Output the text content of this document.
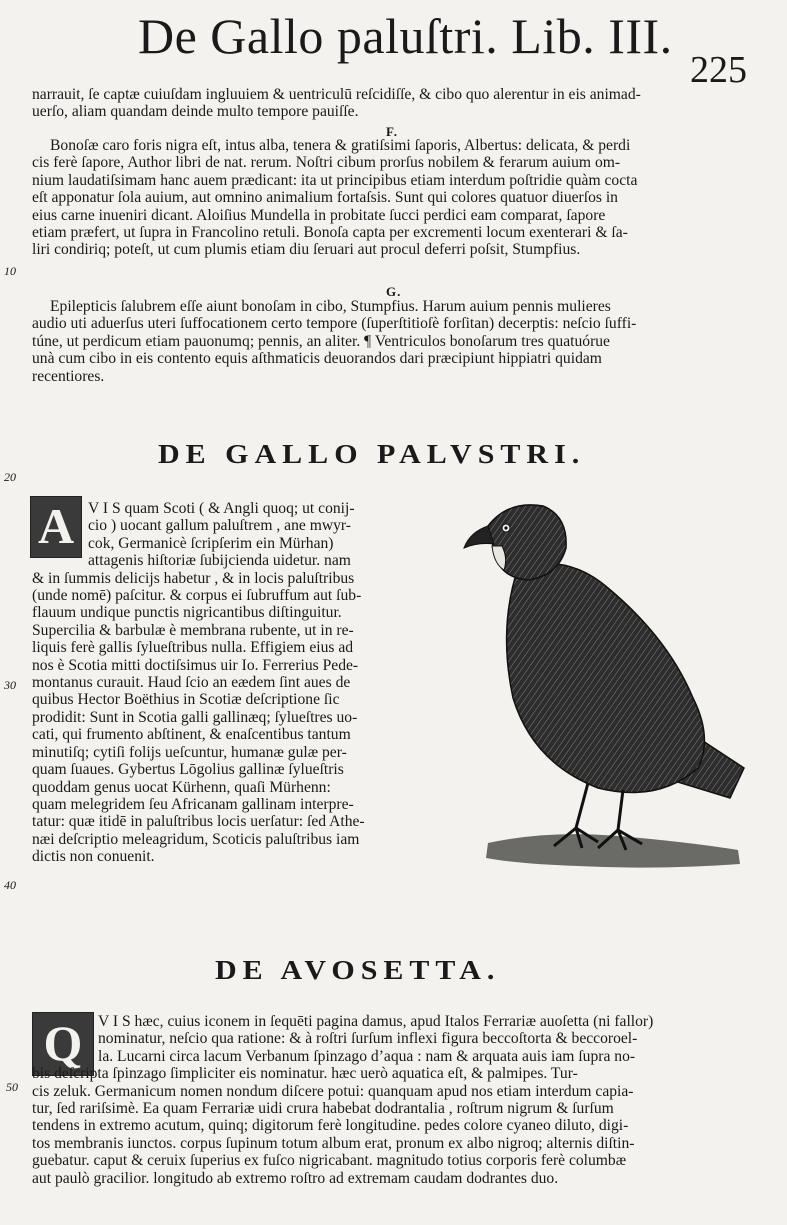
De Gallo paluſtri. Lib. III.
225
narrauit, ſe captæ cuiuſdam ingluuiem & uentriculū reſcidiſſe, & cibo quo alerentur in eis animad-
uerſo, aliam quandam deinde multo tempore pauiſſe.
F.
Bonoſæ caro foris nigra eſt, intus alba, tenera & gratiſsimi ſaporis, Albertus: delicata, & perdi
cis ferè ſapore, Author libri de nat. rerum. Noſtri cibum prorſus nobilem & ferarum auium om-
nium laudatiſsimam hanc auem prædicant: ita ut principibus etiam interdum poſtridie quàm cocta
eſt apponatur ſola auium, aut omnino animalium fortaſsis. Sunt qui colores quatuor diuerſos in
eius carne inueniri dicant. Aloiſius Mundella in probitate ſucci perdici eam comparat, ſapore
etiam præfert, ut ſupra in Francolino retuli. Bonoſa capta per excrementi locum exenterari & ſa-
liri condiriq; poteſt, ut cum plumis etiam diu ſeruari aut procul deferri poſsit, Stumpfius.
10
G.
Epilepticis ſalubrem eſſe aiunt bonoſam in cibo, Stumpfius. Harum auium pennis mulieres
audio uti aduerſus uteri ſuffocationem certo tempore (ſuperſtitioſè forſitan) decerptis: neſcio ſuffi-
túne, ut perdicum etiam pauonumq; pennis, an aliter. ¶ Ventriculos bonoſarum tres quatuórue
unà cum cibo in eis contento equis aſthmaticis deuorandos dari præcipiunt hippiatri quidam
recentiores.
DE GALLO PALVSTRI.
20
A V I S quam Scoti ( & Angli quoq; ut conij-
cio ) uocant gallum paluſtrem , ane mwyr-
cok, Germanicè ſcripſerim ein Mürhan)
attagenis hiſtoriæ ſubijcienda uidetur. nam
& in ſummis delicijs habetur , & in locis paluſtribus
(unde nomē) paſcitur. & corpus ei ſubruffum aut ſub-
flauum undique punctis nigricantibus diſtinguitur.
Supercilia & barbulæ è membrana rubente, ut in re-
liquis ferè gallis ſylueſtribus nulla. Effigiem eius ad
nos è Scotia mitti doctiſsimus uir Io. Ferrerius Pede-
montanus curauit. Haud ſcio an eædem ſint aues de
quibus Hector Boëthius in Scotiæ deſcriptione ſic
prodidit: Sunt in Scotia galli gallinæq; ſylueſtres uo-
cati, qui frumento abſtinent, & enaſcentibus tantum
minutiſq; cytiſi folijs ueſcuntur, humanæ gulæ per-
quam ſuaues. Gybertus Lōgolius gallinæ ſylueſtris
quoddam genus uocat Kürhenn, quaſi Mürhenn:
quam melegridem ſeu Africanam gallinam interpre-
tatur: quæ itidē in paluſtribus locis uerſatur: ſed Athe-
næi deſcriptio meleagridum, Scoticis paluſtribus iam
dictis non conuenit.
30
40
DE AVOSETTA.
Q V I S hæc, cuius iconem in ſequēti pagina damus, apud Italos Ferrariæ auoſetta (ni fallor)
nominatur, neſcio qua ratione: & à roſtri ſurſum inflexi figura beccoſtorta & beccoroel-
la. Lucarni circa lacum Verbanum ſpinzago d’aqua : nam & arquata auis iam ſupra no-
bis deſcripta ſpinzago ſimpliciter eis nominatur. hæc uerò aquatica eſt, & palmipes. Tur-
cis zeluk. Germanicum nomen nondum diſcere potui: quanquam apud nos etiam interdum capia-
tur, ſed rariſsimè. Ea quam Ferrariæ uidi crura habebat dodrantalia , roſtrum nigrum & ſurſum
tendens in extremo acutum, quinq; digitorum ferè longitudine. pedes colore cyaneo diluto, digi-
tos membranis iunctos. corpus ſupinum totum album erat, pronum ex albo nigroq; alternis diſtin-
guebatur. caput & ceruix ſuperius ex fuſco nigricabant. magnitudo totius corporis ferè columbæ
aut paulò gracilior. longitudo ab extremo roſtro ad extremam caudam dodrantes duo.
50
